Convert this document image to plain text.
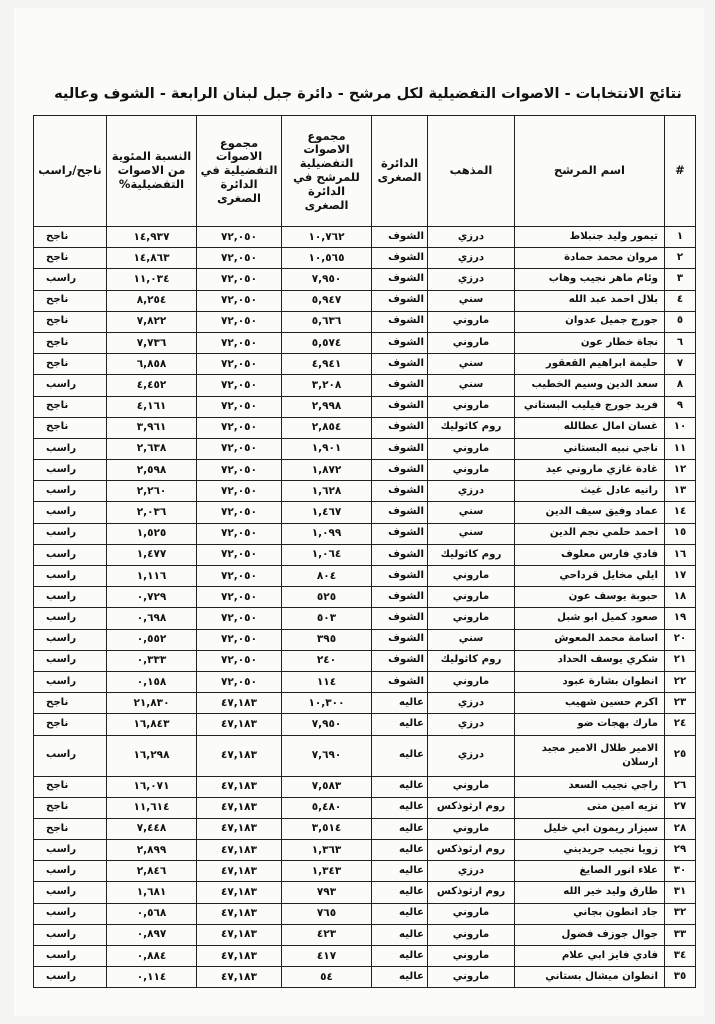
نتائج الانتخابات - الاصوات التفضيلية لكل مرشح - دائرة جبل لبنان الرابعة - الشوف وعاليه
#	اسم المرشح	المذهب	الدائرة الصغرى	مجموع الاصوات التفضيلية للمرشح في الدائرة الصغرى	مجموع الاصوات التفضيلية في الدائرة الصغرى	النسبة المئوية من الاصوات التفضيلية%	ناجح/راسب
١	تيمور وليد جنبلاط	درزي	الشوف	١٠,٧٦٢	٧٢,٠٥٠	١٤,٩٣٧	ناجح
٢	مروان محمد حمادة	درزي	الشوف	١٠,٥٦٥	٧٢,٠٥٠	١٤,٨٦٣	ناجح
٣	وئام ماهر نجيب وهاب	درزي	الشوف	٧,٩٥٠	٧٢,٠٥٠	١١,٠٣٤	راسب
٤	بلال احمد عبد الله	سني	الشوف	٥,٩٤٧	٧٢,٠٥٠	٨,٢٥٤	ناجح
٥	جورج جميل عدوان	ماروني	الشوف	٥,٦٣٦	٧٢,٠٥٠	٧,٨٢٢	ناجح
٦	نجاة خطار عون	ماروني	الشوف	٥,٥٧٤	٧٢,٠٥٠	٧,٧٣٦	ناجح
٧	حليمة ابراهيم القعقور	سني	الشوف	٤,٩٤١	٧٢,٠٥٠	٦,٨٥٨	ناجح
٨	سعد الدين وسيم الخطيب	سني	الشوف	٣,٢٠٨	٧٢,٠٥٠	٤,٤٥٢	راسب
٩	فريد جورج فيليب البستاني	ماروني	الشوف	٢,٩٩٨	٧٢,٠٥٠	٤,١٦١	ناجح
١٠	غسان امال عطالله	روم كاثوليك	الشوف	٢,٨٥٤	٧٢,٠٥٠	٣,٩٦١	ناجح
١١	ناجي نبيه البستاني	ماروني	الشوف	١,٩٠١	٧٢,٠٥٠	٢,٦٣٨	راسب
١٢	غادة غازي ماروني عيد	ماروني	الشوف	١,٨٧٢	٧٢,٠٥٠	٢,٥٩٨	راسب
١٣	رانيه عادل غيث	درزي	الشوف	١,٦٢٨	٧٢,٠٥٠	٢,٢٦٠	راسب
١٤	عماد وفيق سيف الدين	سني	الشوف	١,٤٦٧	٧٢,٠٥٠	٢,٠٣٦	راسب
١٥	احمد حلمي نجم الدين	سني	الشوف	١,٠٩٩	٧٢,٠٥٠	١,٥٢٥	راسب
١٦	فادي فارس معلوف	روم كاثوليك	الشوف	١,٠٦٤	٧٢,٠٥٠	١,٤٧٧	راسب
١٧	ايلي مخايل قرداحي	ماروني	الشوف	٨٠٤	٧٢,٠٥٠	١,١١٦	راسب
١٨	حبوبة يوسف عون	ماروني	الشوف	٥٢٥	٧٢,٠٥٠	٠,٧٢٩	راسب
١٩	صعود كميل ابو شبل	ماروني	الشوف	٥٠٣	٧٢,٠٥٠	٠,٦٩٨	راسب
٢٠	اسامة محمد المعوش	سني	الشوف	٣٩٥	٧٢,٠٥٠	٠,٥٥٢	راسب
٢١	شكري يوسف الحداد	روم كاثوليك	الشوف	٢٤٠	٧٢,٠٥٠	٠,٣٣٣	راسب
٢٢	انطوان بشارة عبود	ماروني	الشوف	١١٤	٧٢,٠٥٠	٠,١٥٨	راسب
٢٣	اكرم حسين شهيب	درزي	عاليه	١٠,٣٠٠	٤٧,١٨٣	٢١,٨٣٠	ناجح
٢٤	مارك بهجات ضو	درزي	عاليه	٧,٩٥٠	٤٧,١٨٣	١٦,٨٤٣	ناجح
٢٥	الامير طلال الامير مجيد ارسلان	درزي	عاليه	٧,٦٩٠	٤٧,١٨٣	١٦,٢٩٨	راسب
٢٦	راجي نجيب السعد	ماروني	عاليه	٧,٥٨٣	٤٧,١٨٣	١٦,٠٧١	ناجح
٢٧	نزيه امين متى	روم ارثوذكس	عاليه	٥,٤٨٠	٤٧,١٨٣	١١,٦١٤	ناجح
٢٨	سيزار ريمون ابي خليل	ماروني	عاليه	٣,٥١٤	٤٧,١٨٣	٧,٤٤٨	ناجح
٢٩	زويا نجيب جريديني	روم ارثوذكس	عاليه	١,٣٦٣	٤٧,١٨٣	٢,٨٩٩	راسب
٣٠	علاء انور الصايغ	درزي	عاليه	١,٣٤٣	٤٧,١٨٣	٢,٨٤٦	راسب
٣١	طارق وليد خير الله	روم ارثوذكس	عاليه	٧٩٣	٤٧,١٨٣	١,٦٨١	راسب
٣٢	جاد انطون بجاني	ماروني	عاليه	٧٦٥	٤٧,١٨٣	٠,٥٦٨	راسب
٣٣	جوال جوزف فضول	ماروني	عاليه	٤٢٣	٤٧,١٨٣	٠,٨٩٧	راسب
٣٤	فادي فايز ابي علام	ماروني	عاليه	٤١٧	٤٧,١٨٣	٠,٨٨٤	راسب
٣٥	انطوان ميشال بستاني	ماروني	عاليه	٥٤	٤٧,١٨٣	٠,١١٤	راسب
